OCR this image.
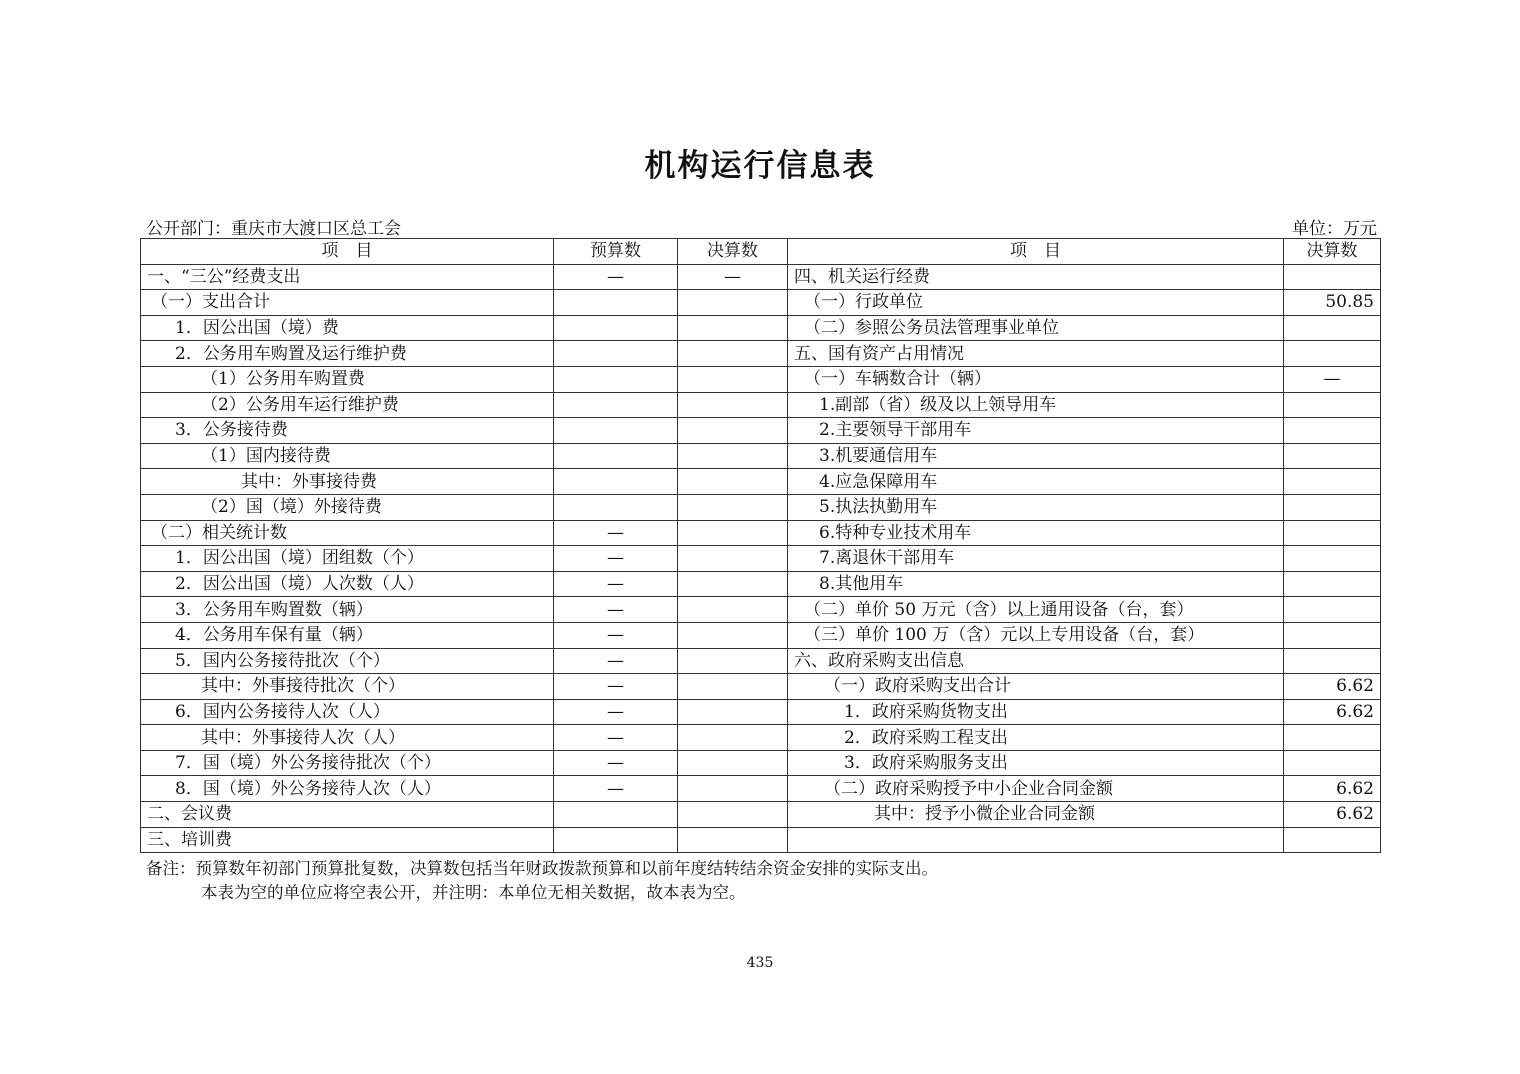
机构运行信息表
公开部门：重庆市大渡口区总工会	单位：万元
项　目	预算数	决算数	项　目	决算数
一、“三公”经费支出	—	—	四、机关运行经费	
（一）支出合计			（一）行政单位	50.85
1．因公出国（境）费			（二）参照公务员法管理事业单位	
2．公务用车购置及运行维护费			五、国有资产占用情况	
（1）公务用车购置费			（一）车辆数合计（辆）	—
（2）公务用车运行维护费			1.副部（省）级及以上领导用车	
3．公务接待费			2.主要领导干部用车	
（1）国内接待费			3.机要通信用车	
其中：外事接待费			4.应急保障用车	
（2）国（境）外接待费			5.执法执勤用车	
（二）相关统计数	—		6.特种专业技术用车	
1．因公出国（境）团组数（个）	—		7.离退休干部用车	
2．因公出国（境）人次数（人）	—		8.其他用车	
3．公务用车购置数（辆）	—		（二）单价 50 万元（含）以上通用设备（台，套）	
4．公务用车保有量（辆）	—		（三）单价 100 万（含）元以上专用设备（台，套）	
5．国内公务接待批次（个）	—		六、政府采购支出信息	
其中：外事接待批次（个）	—		（一）政府采购支出合计	6.62
6．国内公务接待人次（人）	—		1．政府采购货物支出	6.62
其中：外事接待人次（人）	—		2．政府采购工程支出	
7．国（境）外公务接待批次（个）	—		3．政府采购服务支出	
8．国（境）外公务接待人次（人）	—		（二）政府采购授予中小企业合同金额	6.62
二、会议费			其中：授予小微企业合同金额	6.62
三、培训费				
备注：预算数年初部门预算批复数，决算数包括当年财政拨款预算和以前年度结转结余资金安排的实际支出。
本表为空的单位应将空表公开，并注明：本单位无相关数据，故本表为空。
435
